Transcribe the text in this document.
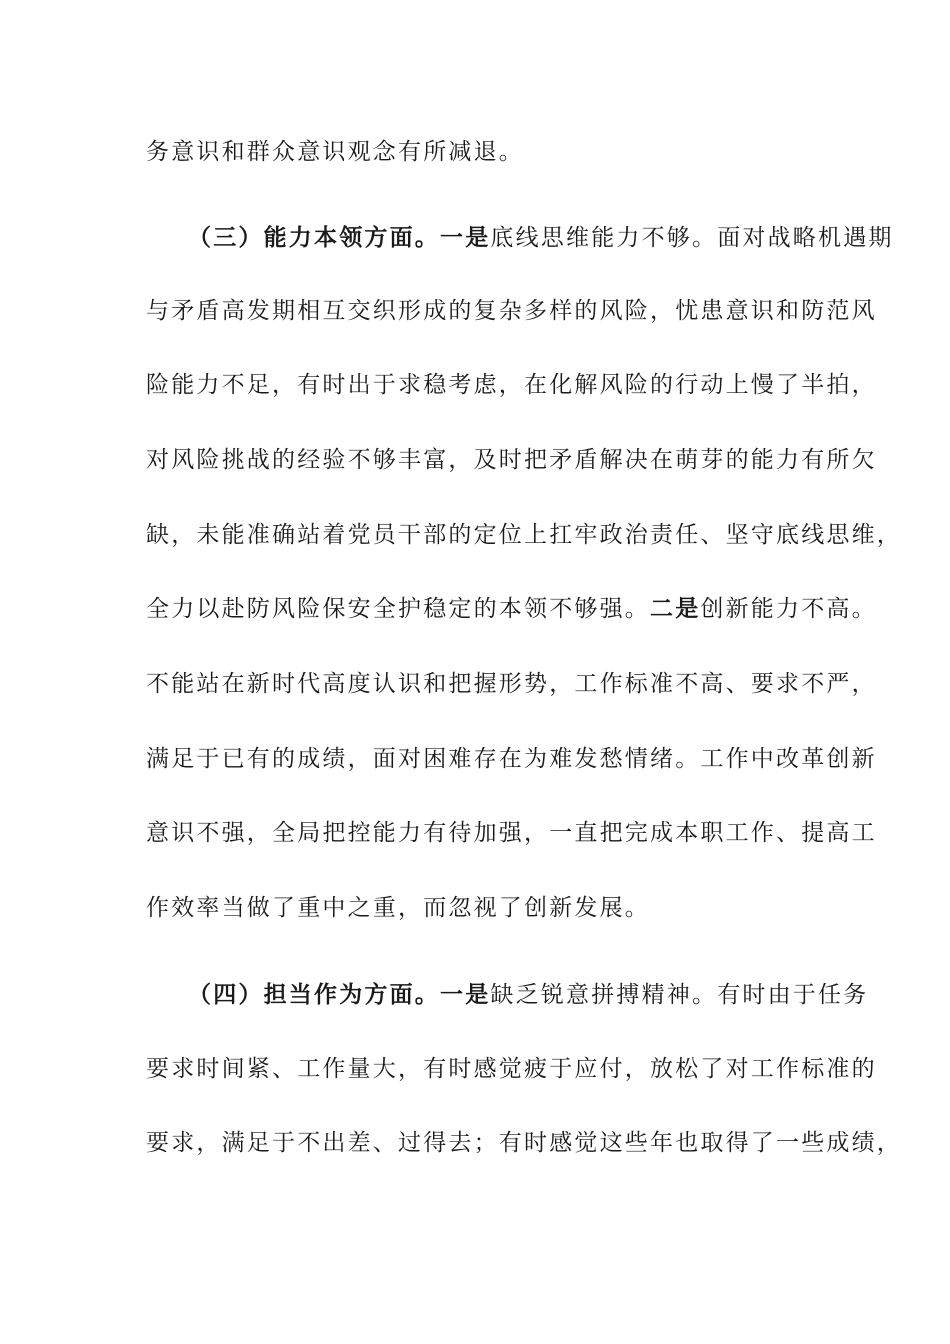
务意识和群众意识观念有所减退。
（三）能力本领方面。一是底线思维能力不够。面对战略机遇期
与矛盾高发期相互交织形成的复杂多样的风险，忧患意识和防范风
险能力不足，有时出于求稳考虑，在化解风险的行动上慢了半拍，
对风险挑战的经验不够丰富，及时把矛盾解决在萌芽的能力有所欠
缺，未能准确站着党员干部的定位上扛牢政治责任、坚守底线思维，
全力以赴防风险保安全护稳定的本领不够强。二是创新能力不高。
不能站在新时代高度认识和把握形势，工作标准不高、要求不严，
满足于已有的成绩，面对困难存在为难发愁情绪。工作中改革创新
意识不强，全局把控能力有待加强，一直把完成本职工作、提高工
作效率当做了重中之重，而忽视了创新发展。
（四）担当作为方面。一是缺乏锐意拼搏精神。有时由于任务
要求时间紧、工作量大，有时感觉疲于应付，放松了对工作标准的
要求，满足于不出差、过得去；有时感觉这些年也取得了一些成绩，
